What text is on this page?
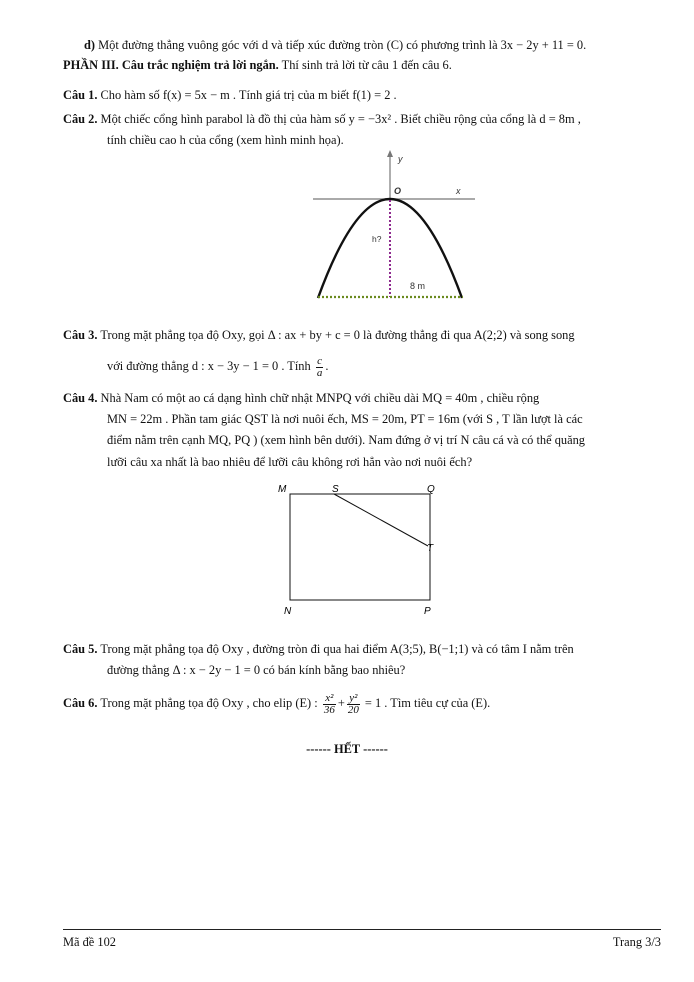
d) Một đường thẳng vuông góc với d và tiếp xúc đường tròn (C) có phương trình là 3x − 2y + 11 = 0.
PHẦN III. Câu trắc nghiệm trả lời ngắn. Thí sinh trả lời từ câu 1 đến câu 6.
Câu 1. Cho hàm số f(x) = 5x − m . Tính giá trị của m biết f(1) = 2 .
Câu 2. Một chiếc cổng hình parabol là đồ thị của hàm số y = −3x² . Biết chiều rộng của cổng là d = 8m ,
tính chiều cao h của cổng (xem hình minh họa).
y
x
O
h?
8 m
Câu 3. Trong mặt phẳng tọa độ Oxy, gọi Δ : ax + by + c = 0 là đường thẳng đi qua A(2;2) và song song
với đường thẳng d : x − 3y − 1 = 0 . Tính $\frac{c}{a}$ .
Câu 4. Nhà Nam có một ao cá dạng hình chữ nhật MNPQ với chiều dài MQ = 40m , chiều rộng
MN = 22m . Phần tam giác QST là nơi nuôi ếch, MS = 20m, PT = 16m (với S , T lần lượt là các
điểm nằm trên cạnh MQ, PQ ) (xem hình bên dưới). Nam đứng ở vị trí N câu cá và có thể quăng
lưỡi câu xa nhất là bao nhiêu để lưỡi câu không rơi hẳn vào nơi nuôi ếch?
M	S	Q
T
N	P
Câu 5. Trong mặt phẳng tọa độ Oxy , đường tròn đi qua hai điểm A(3;5), B(−1;1) và có tâm I nằm trên
đường thẳng Δ : x − 2y − 1 = 0 có bán kính bằng bao nhiêu?
Câu 6. Trong mặt phẳng tọa độ Oxy , cho elip (E) : $\frac{\text{x²}}{36} + \frac{\text{y²}}{20} = 1$ . Tìm tiêu cự của (E).
------ HẾT ------
Mã đề 102	Trang 3/3
